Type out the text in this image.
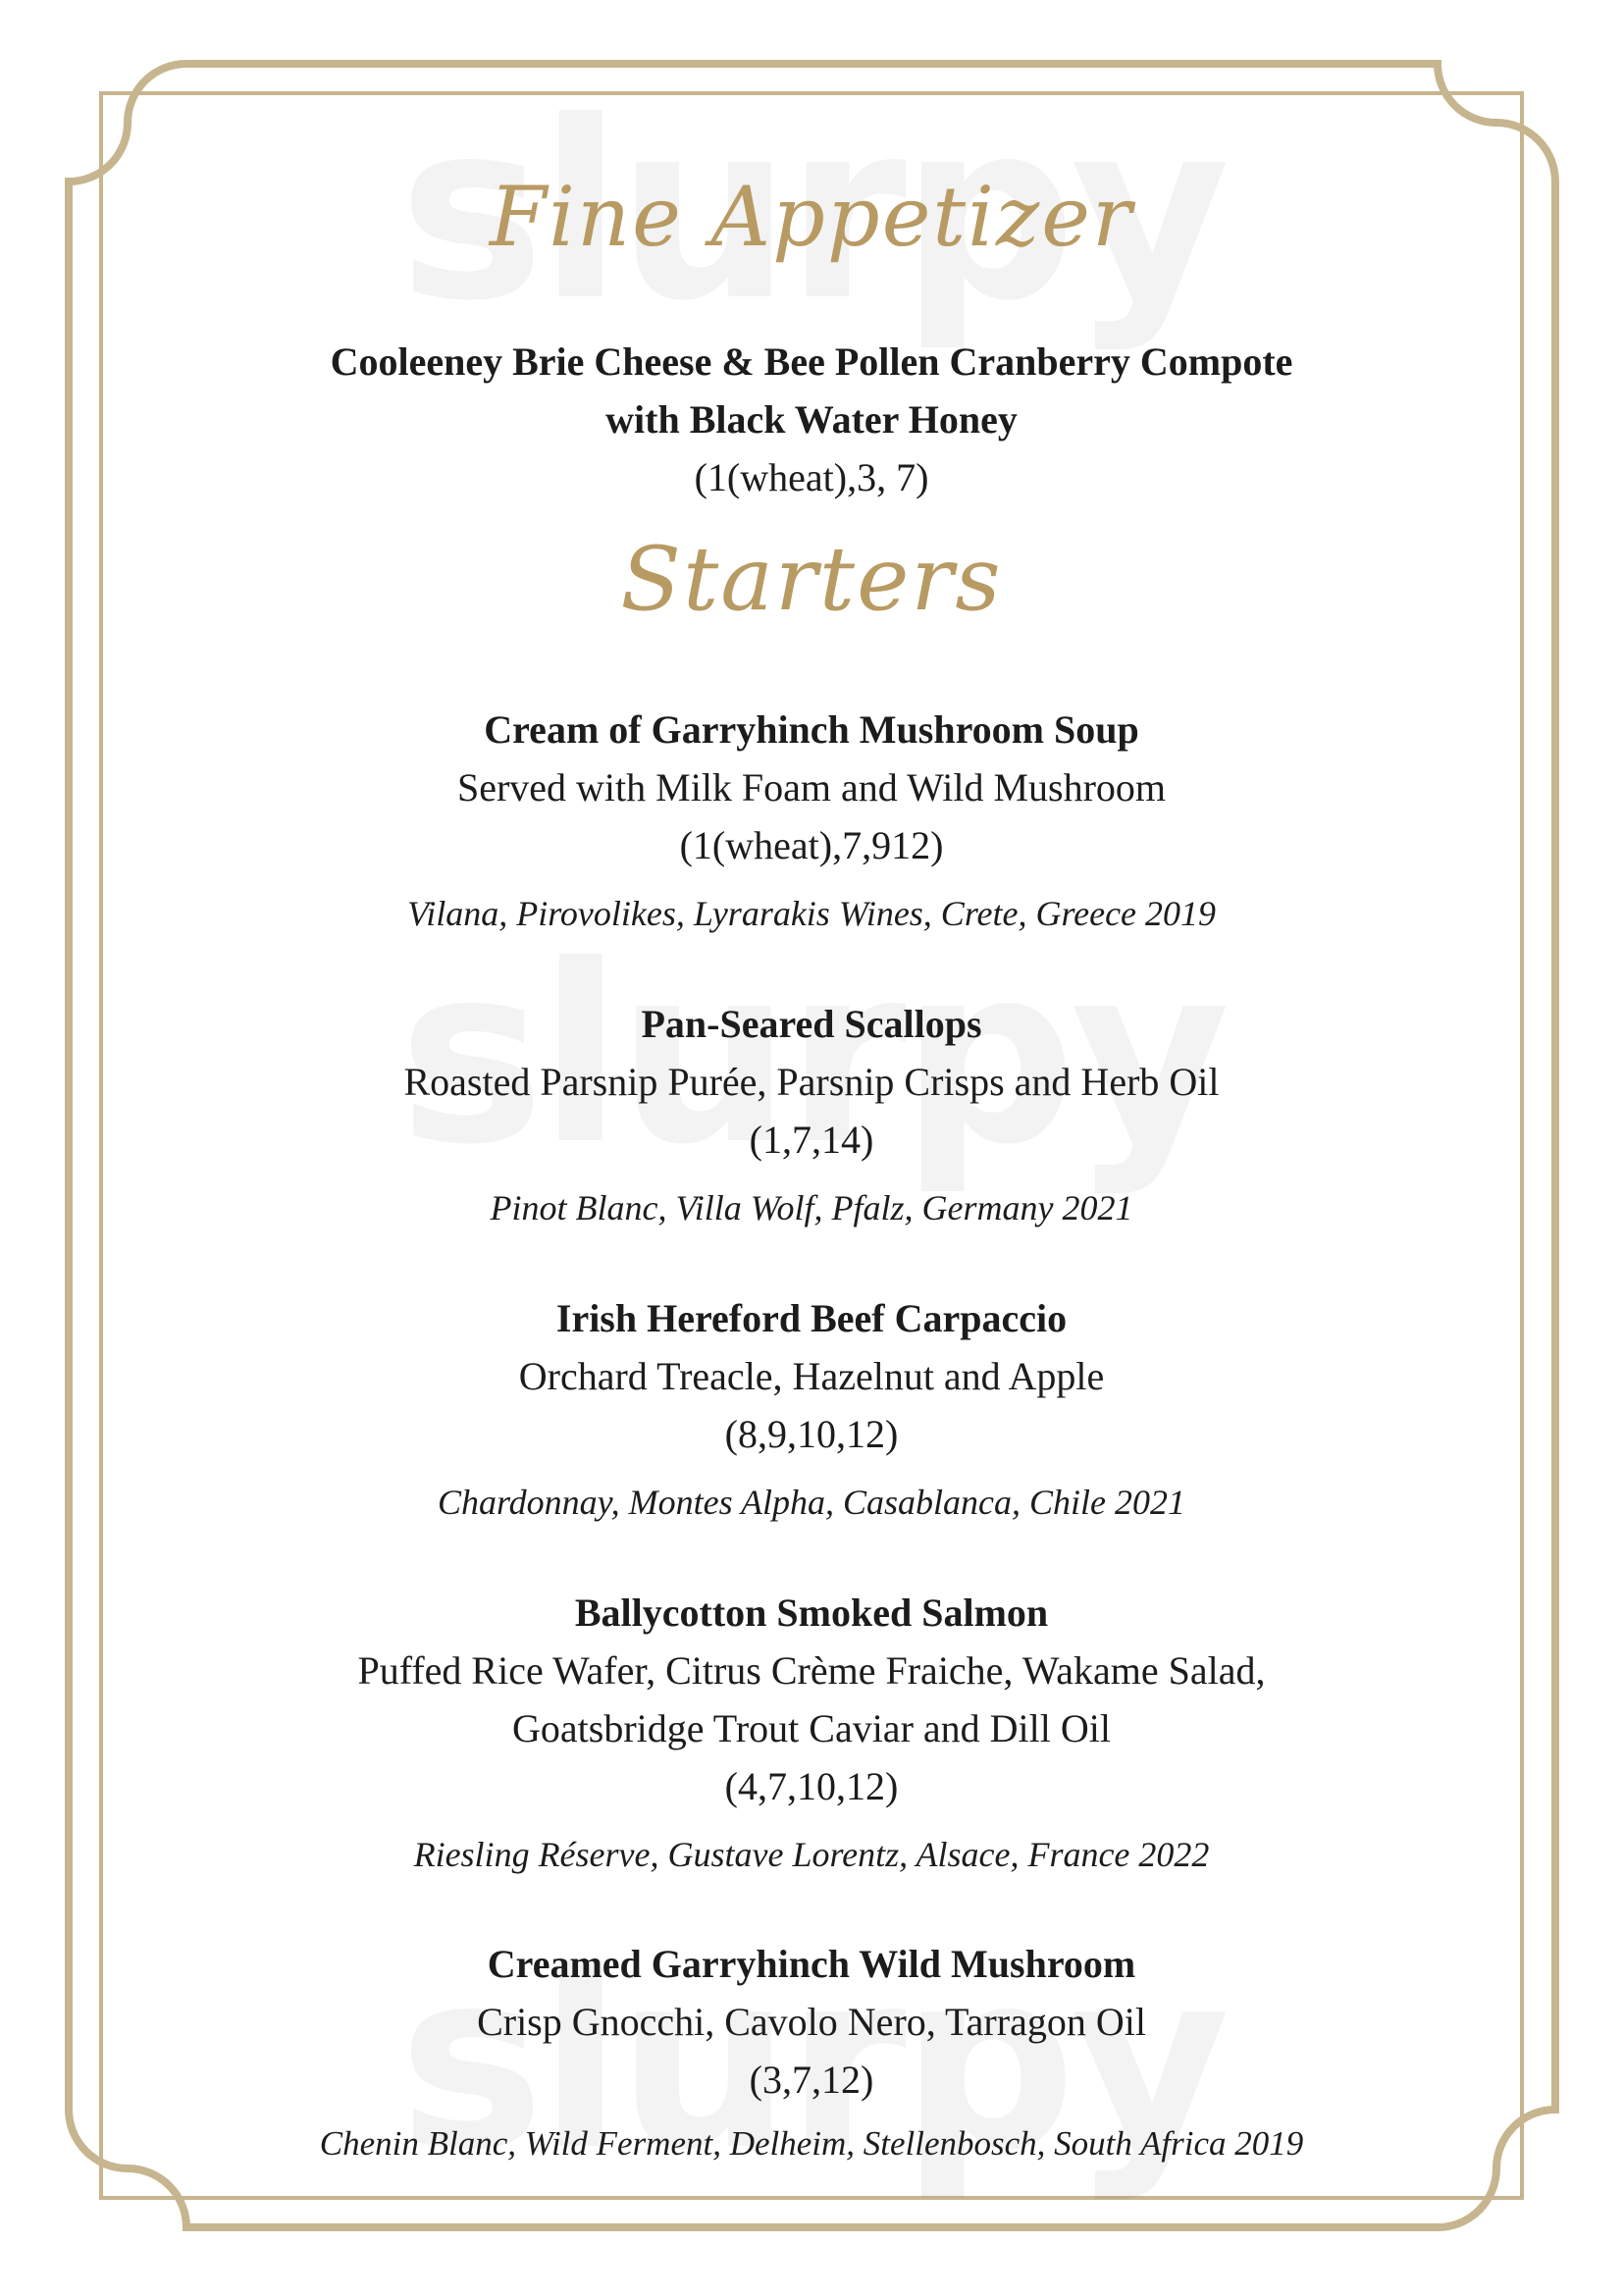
Fine Appetizer
Cooleeney Brie Cheese & Bee Pollen Cranberry Compote
with Black Water Honey
(1(wheat),3, 7)
Starters
Cream of Garryhinch Mushroom Soup
Served with Milk Foam and Wild Mushroom
(1(wheat),7,912)
Vilana, Pirovolikes, Lyrarakis Wines, Crete, Greece 2019
Pan-Seared Scallops
Roasted Parsnip Purée, Parsnip Crisps and Herb Oil
(1,7,14)
Pinot Blanc, Villa Wolf, Pfalz, Germany 2021
Irish Hereford Beef Carpaccio
Orchard Treacle, Hazelnut and Apple
(8,9,10,12)
Chardonnay, Montes Alpha, Casablanca, Chile 2021
Ballycotton Smoked Salmon
Puffed Rice Wafer, Citrus Crème Fraiche, Wakame Salad,
Goatsbridge Trout Caviar and Dill Oil
(4,7,10,12)
Riesling Réserve, Gustave Lorentz, Alsace, France 2022
Creamed Garryhinch Wild Mushroom
Crisp Gnocchi, Cavolo Nero, Tarragon Oil
(3,7,12)
Chenin Blanc, Wild Ferment, Delheim, Stellenbosch, South Africa 2019
